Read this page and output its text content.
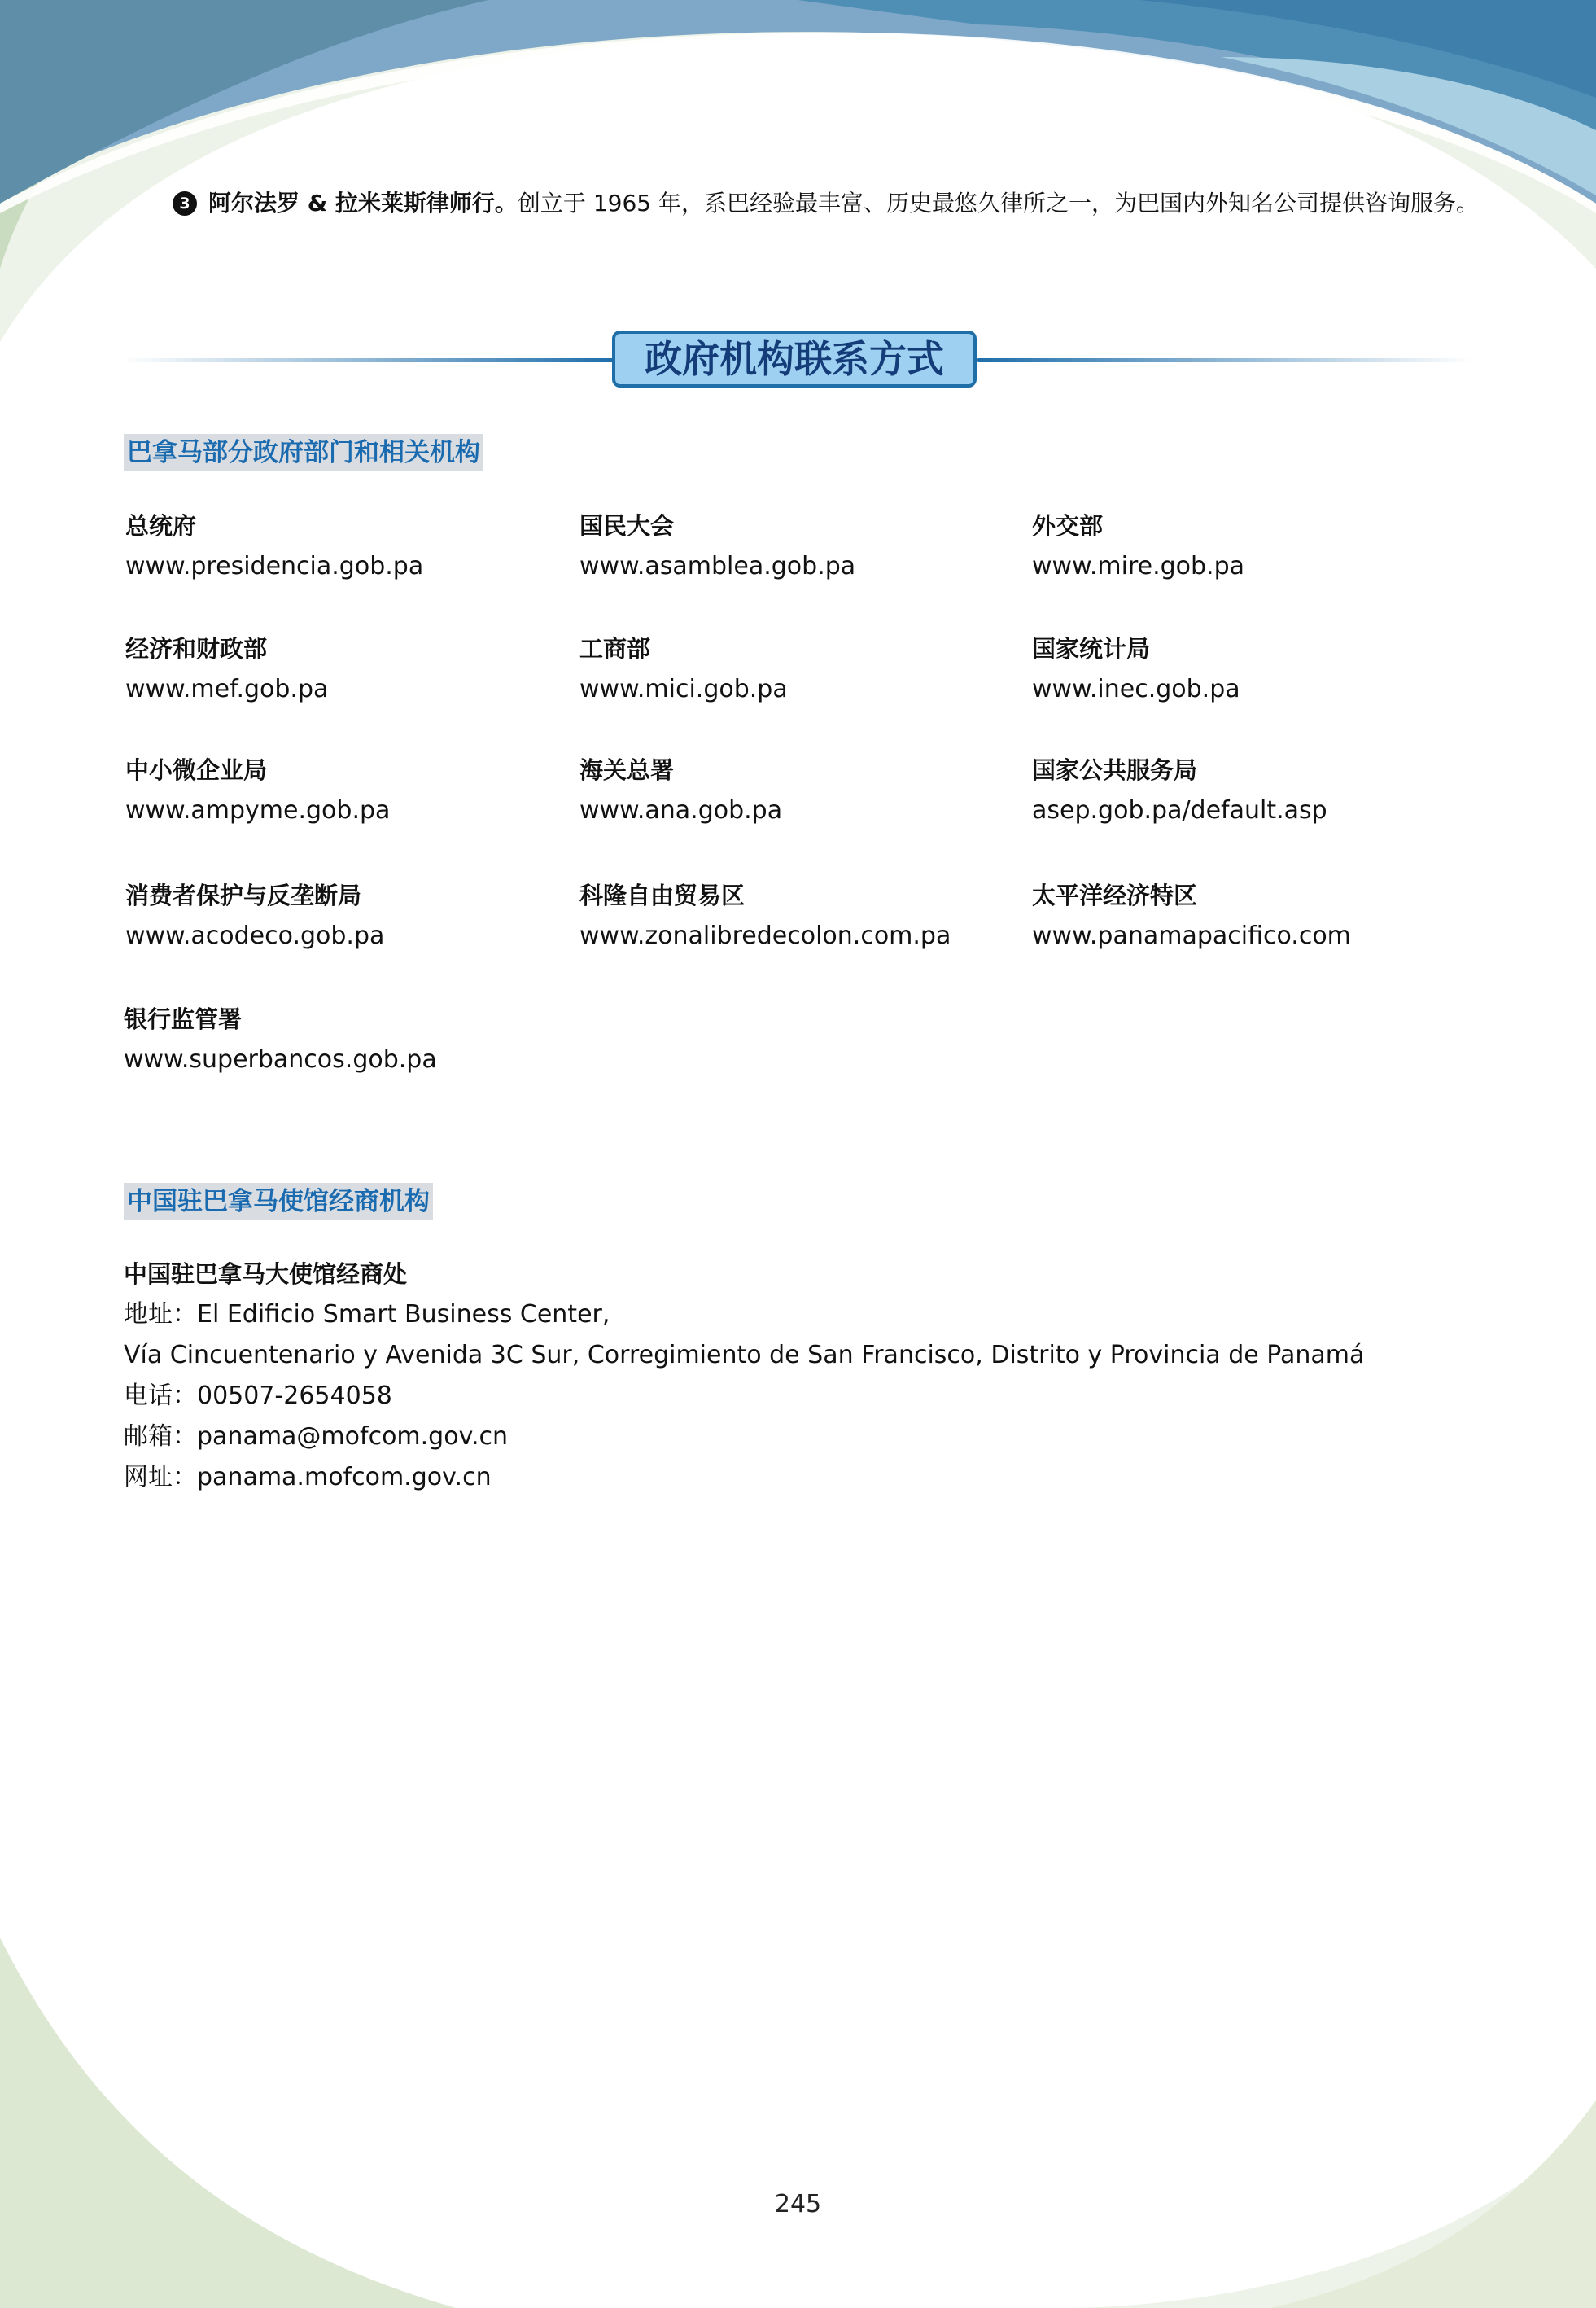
3 阿尔法罗 & 拉米莱斯律师行。创立于 1965 年，系巴经验最丰富、历史最悠久律所之一，为巴国内外知名公司提供咨询服务。
政府机构联系方式
巴拿马部分政府部门和相关机构
总统府
www.presidencia.gob.pa
国民大会
www.asamblea.gob.pa
外交部
www.mire.gob.pa
经济和财政部
www.mef.gob.pa
工商部
www.mici.gob.pa
国家统计局
www.inec.gob.pa
中小微企业局
www.ampyme.gob.pa
海关总署
www.ana.gob.pa
国家公共服务局
asep.gob.pa/default.asp
消费者保护与反垄断局
www.acodeco.gob.pa
科隆自由贸易区
www.zonalibredecolon.com.pa
太平洋经济特区
www.panamapacifico.com
银行监管署
www.superbancos.gob.pa
中国驻巴拿马使馆经商机构
中国驻巴拿马大使馆经商处
地址：El Edificio Smart Business Center,
Vía Cincuentenario y Avenida 3C Sur, Corregimiento de San Francisco, Distrito y Provincia de Panamá
电话：00507-2654058
邮箱：panama@mofcom.gov.cn
网址：panama.mofcom.gov.cn
245
